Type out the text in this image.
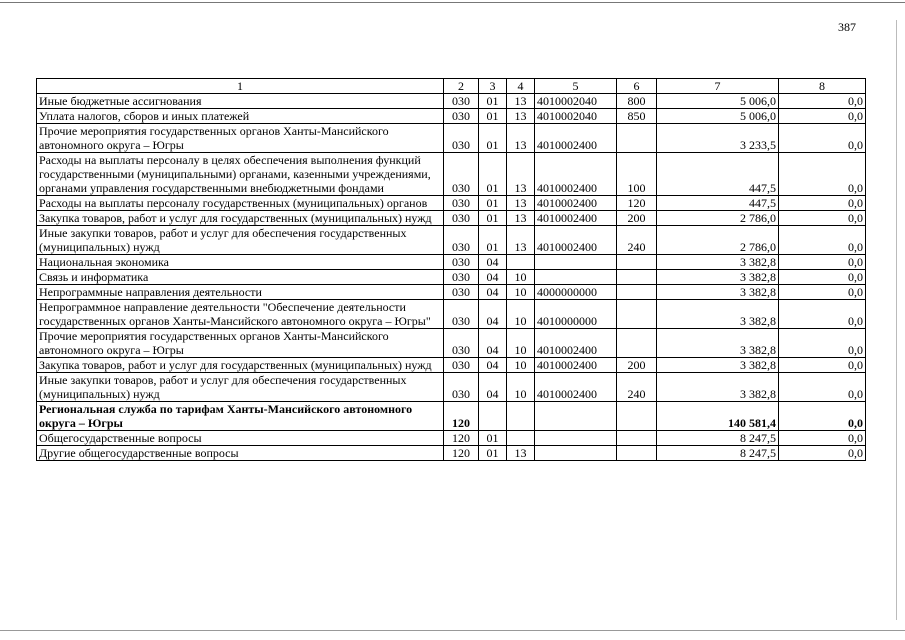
387
1	2	3	4	5	6	7	8
Иные бюджетные ассигнования	030	01	13	4010002040	800	5 006,0	0,0
Уплата налогов, сборов и иных платежей	030	01	13	4010002040	850	5 006,0	0,0
Прочие мероприятия государственных органов Ханты-Мансийского автономного округа – Югры	030	01	13	4010002400		3 233,5	0,0
Расходы на выплаты персоналу в целях обеспечения выполнения функций государственными (муниципальными) органами, казенными учреждениями, органами управления государственными внебюджетными фондами	030	01	13	4010002400	100	447,5	0,0
Расходы на выплаты персоналу государственных (муниципальных) органов	030	01	13	4010002400	120	447,5	0,0
Закупка товаров, работ и услуг для государственных (муниципальных) нужд	030	01	13	4010002400	200	2 786,0	0,0
Иные закупки товаров, работ и услуг для обеспечения государственных (муниципальных) нужд	030	01	13	4010002400	240	2 786,0	0,0
Национальная экономика	030	04				3 382,8	0,0
Связь и информатика	030	04	10			3 382,8	0,0
Непрограммные направления деятельности	030	04	10	4000000000		3 382,8	0,0
Непрограммное направление деятельности "Обеспечение деятельности государственных органов Ханты-Мансийского автономного округа – Югры"	030	04	10	4010000000		3 382,8	0,0
Прочие мероприятия государственных органов Ханты-Мансийского автономного округа – Югры	030	04	10	4010002400		3 382,8	0,0
Закупка товаров, работ и услуг для государственных (муниципальных) нужд	030	04	10	4010002400	200	3 382,8	0,0
Иные закупки товаров, работ и услуг для обеспечения государственных (муниципальных) нужд	030	04	10	4010002400	240	3 382,8	0,0
Региональная служба по тарифам Ханты-Мансийского автономного округа – Югры	120					140 581,4	0,0
Общегосударственные вопросы	120	01				8 247,5	0,0
Другие общегосударственные вопросы	120	01	13			8 247,5	0,0
